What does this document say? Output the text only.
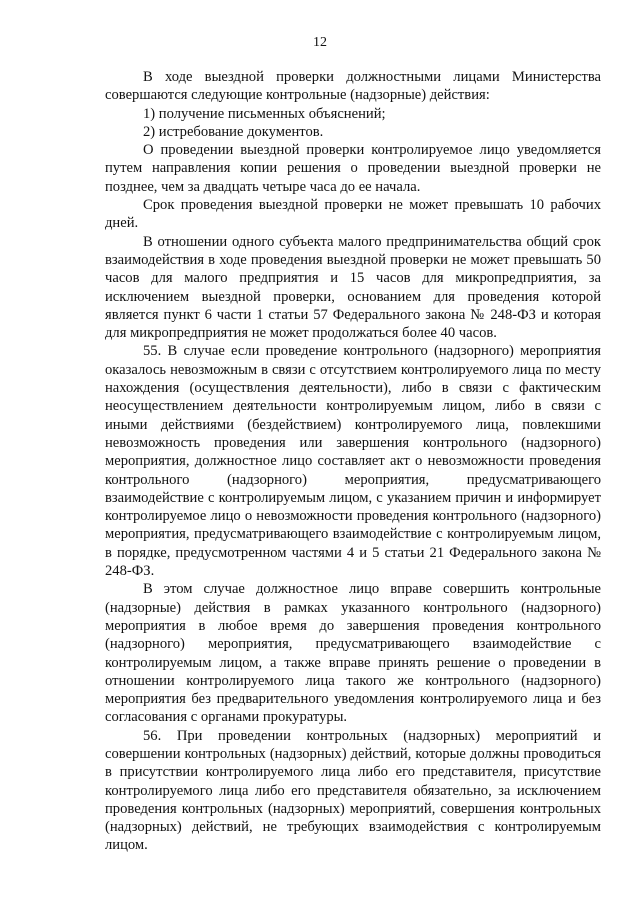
12

В ходе выездной проверки должностными лицами Министерства совершаются следующие контрольные (надзорные) действия:

1) получение письменных объяснений;

2) истребование документов.

О проведении выездной проверки контролируемое лицо уведомляется путем направления копии решения о проведении выездной проверки не позднее, чем за двадцать четыре часа до ее начала.

Срок проведения выездной проверки не может превышать 10 рабочих дней.

В отношении одного субъекта малого предпринимательства общий срок взаимодействия в ходе проведения выездной проверки не может превышать 50 часов для малого предприятия и 15 часов для микропредприятия, за исключением выездной проверки, основанием для проведения которой является пункт 6 части 1 статьи 57 Федерального закона № 248-ФЗ и которая для микропредприятия не может продолжаться более 40 часов.

55. В случае если проведение контрольного (надзорного) мероприятия оказалось невозможным в связи с отсутствием контролируемого лица по месту нахождения (осуществления деятельности), либо в связи с фактическим неосуществлением деятельности контролируемым лицом, либо в связи с иными действиями (бездействием) контролируемого лица, повлекшими невозможность проведения или завершения контрольного (надзорного) мероприятия, должностное лицо составляет акт о невозможности проведения контрольного (надзорного) мероприятия, предусматривающего взаимодействие с контролируемым лицом, с указанием причин и информирует контролируемое лицо о невозможности проведения контрольного (надзорного) мероприятия, предусматривающего взаимодействие с контролируемым лицом, в порядке, предусмотренном частями 4 и 5 статьи 21 Федерального закона № 248-ФЗ.

В этом случае должностное лицо вправе совершить контрольные (надзорные) действия в рамках указанного контрольного (надзорного) мероприятия в любое время до завершения проведения контрольного (надзорного) мероприятия, предусматривающего взаимодействие с контролируемым лицом, а также вправе принять решение о проведении в отношении контролируемого лица такого же контрольного (надзорного) мероприятия без предварительного уведомления контролируемого лица и без согласования с органами прокуратуры.

56. При проведении контрольных (надзорных) мероприятий и совершении контрольных (надзорных) действий, которые должны проводиться в присутствии контролируемого лица либо его представителя, присутствие контролируемого лица либо его представителя обязательно, за исключением проведения контрольных (надзорных) мероприятий, совершения контрольных (надзорных) действий, не требующих взаимодействия с контролируемым лицом.
